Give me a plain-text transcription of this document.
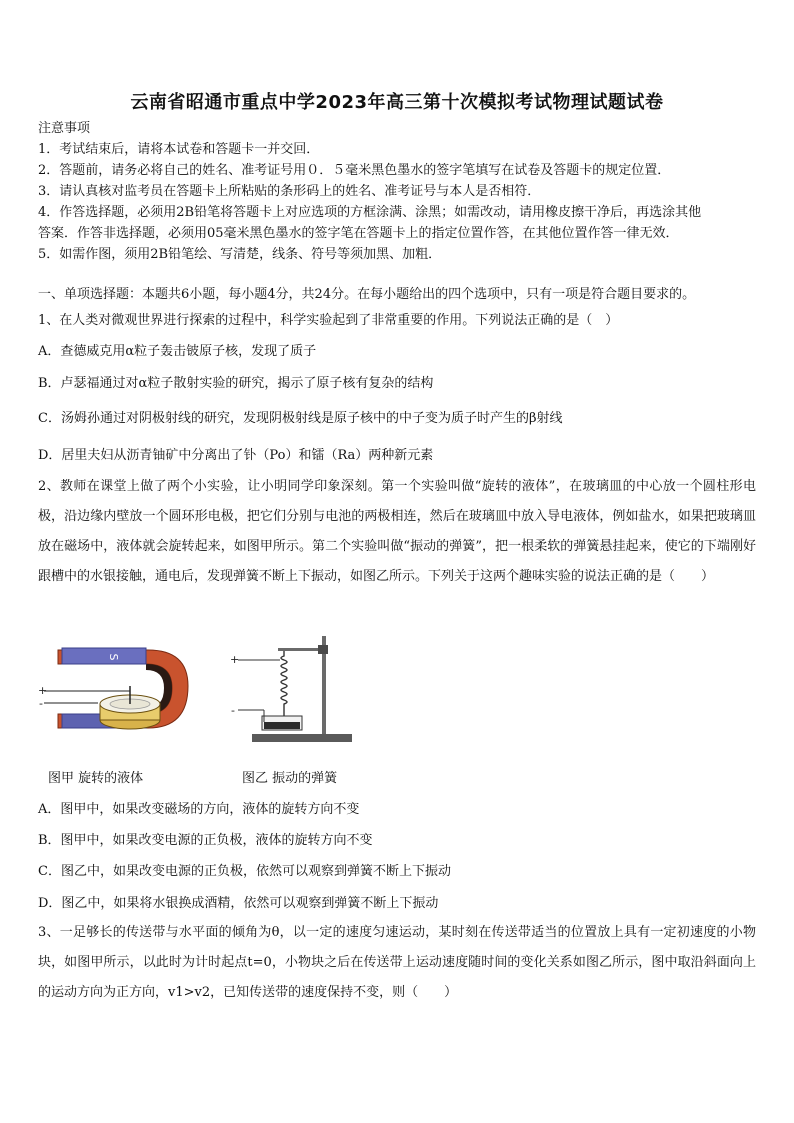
云南省昭通市重点中学2023年高三第十次模拟考试物理试题试卷
注意事项
1．考试结束后，请将本试卷和答题卡一并交回．
2．答题前，请务必将自己的姓名、准考证号用０．５毫米黑色墨水的签字笔填写在试卷及答题卡的规定位置．
3．请认真核对监考员在答题卡上所粘贴的条形码上的姓名、准考证号与本人是否相符．
4．作答选择题，必须用2B铅笔将答题卡上对应选项的方框涂满、涂黑；如需改动，请用橡皮擦干净后，再选涂其他
答案．作答非选择题，必须用05毫米黑色墨水的签字笔在答题卡上的指定位置作答，在其他位置作答一律无效．
5．如需作图，须用2B铅笔绘、写清楚，线条、符号等须加黑、加粗．
一、单项选择题：本题共6小题，每小题4分，共24分。在每小题给出的四个选项中，只有一项是符合题目要求的。
1、在人类对微观世界进行探索的过程中，科学实验起到了非常重要的作用。下列说法正确的是（　）
A．查德威克用α粒子轰击铍原子核，发现了质子
B．卢瑟福通过对α粒子散射实验的研究，揭示了原子核有复杂的结构
C．汤姆孙通过对阴极射线的研究，发现阴极射线是原子核中的中子变为质子时产生的β射线
D．居里夫妇从沥青铀矿中分离出了钋（Po）和镭（Ra）两种新元素
2、教师在课堂上做了两个小实验，让小明同学印象深刻。第一个实验叫做“旋转的液体”，在玻璃皿的中心放一个圆柱形电极，沿边缘内壁放一个圆环形电极，把它们分别与电池的两极相连，然后在玻璃皿中放入导电液体，例如盐水，如果把玻璃皿放在磁场中，液体就会旋转起来，如图甲所示。第二个实验叫做“振动的弹簧”，把一根柔软的弹簧悬挂起来，使它的下端刚好跟槽中的水银接触，通电后，发现弹簧不断上下振动，如图乙所示。下列关于这两个趣味实验的说法正确的是（　　）
S
+
-
+
-
图甲 旋转的液体	图乙 振动的弹簧
A．图甲中，如果改变磁场的方向，液体的旋转方向不变
B．图甲中，如果改变电源的正负极，液体的旋转方向不变
C．图乙中，如果改变电源的正负极，依然可以观察到弹簧不断上下振动
D．图乙中，如果将水银换成酒精，依然可以观察到弹簧不断上下振动
3、一足够长的传送带与水平面的倾角为θ，以一定的速度匀速运动，某时刻在传送带适当的位置放上具有一定初速度的小物块，如图甲所示，以此时为计时起点t=0，小物块之后在传送带上运动速度随时间的变化关系如图乙所示，图中取沿斜面向上的运动方向为正方向，v1>v2，已知传送带的速度保持不变，则（　　）
